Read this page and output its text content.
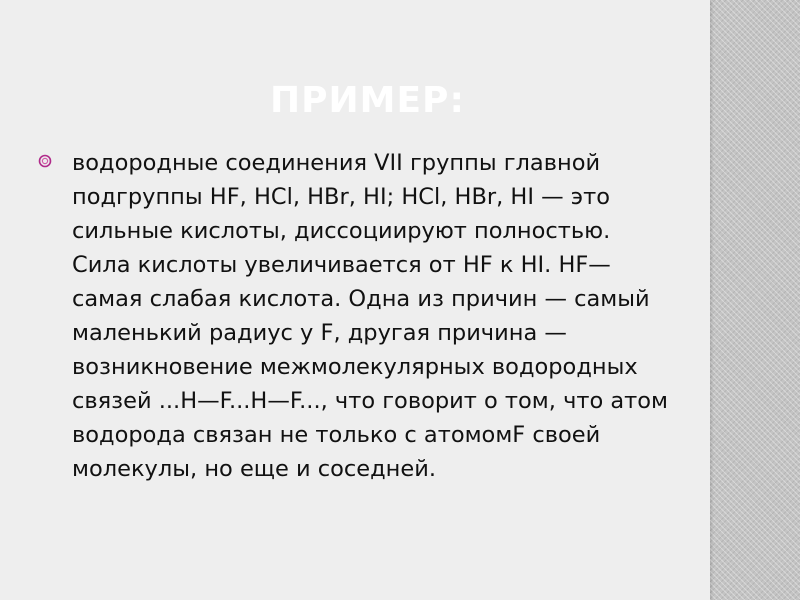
ПРИМЕР:

водородные соединения VII группы главной подгруппы HF, HCl, HBr, HI; HCl, HBr, HI — это сильные кислоты, диссоциируют полностью. Сила кислоты увеличивается от HF к HI. HF— самая слабая кислота. Одна из причин — самый маленький радиус у F, другая причина — возникновение межмолекулярных водородных связей ...H—F...H—F..., что говорит о том, что атом водорода связан не только с атомомF своей молекулы, но еще и соседней.
